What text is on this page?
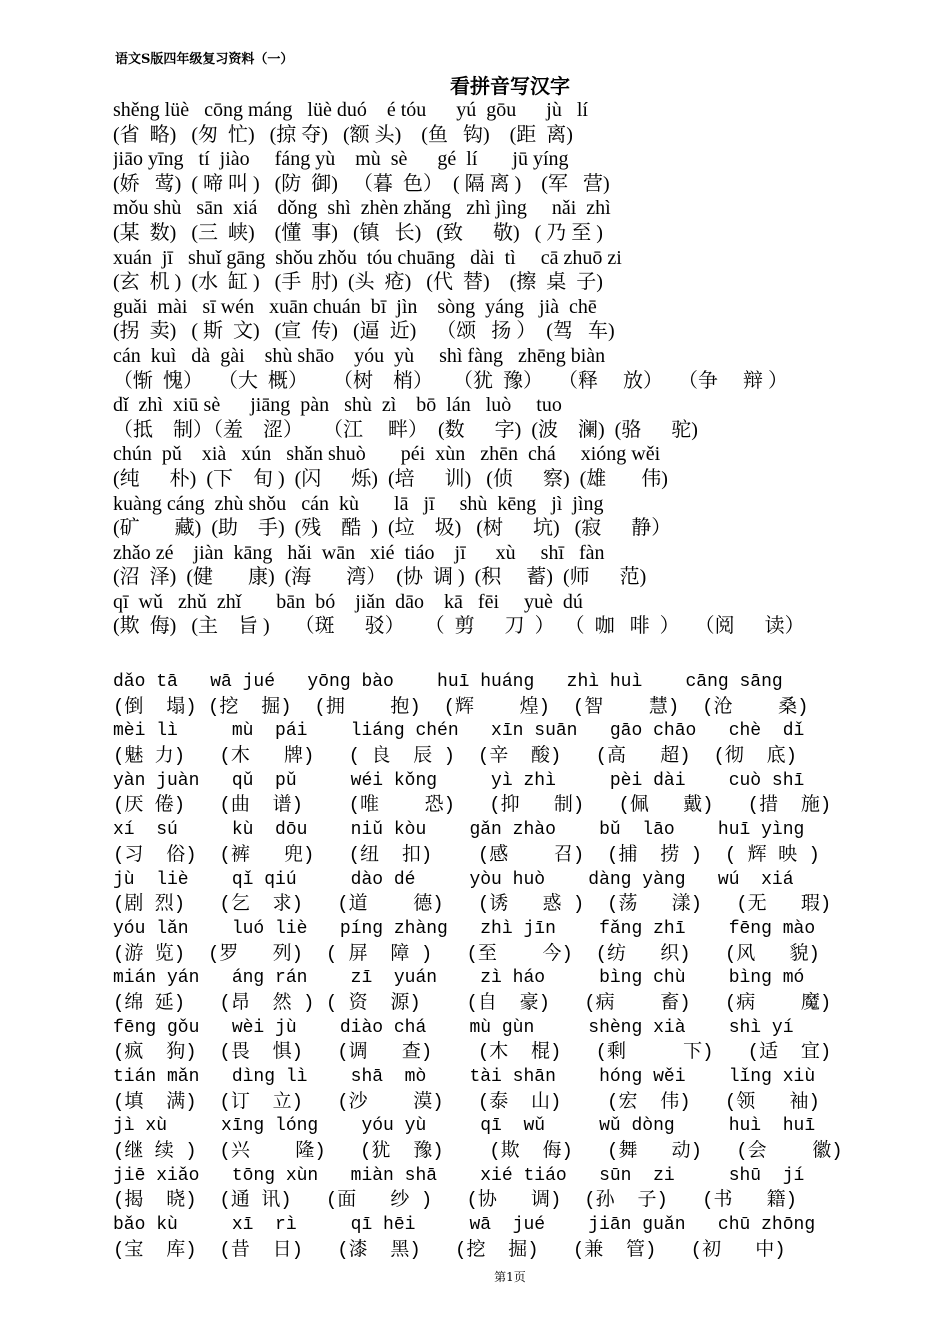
语文S版四年级复习资料（一）
看拼音写汉字
shěng lüè   cōng máng   lüè duó    é tóu      yú  gōu      jù   lí
(省  略)   (匆  忙)   (掠 夺)   (额 头)    (鱼   钩)    (距  离)
jiāo yīng   tí  jiào     fáng yù    mù  sè      gé  lí       jū yíng
(娇   莺)  ( 啼 叫 )   (防  御)   （暮  色）  ( 隔 离 )    (军   营)
mǒu shù   sān  xiá    dǒng  shì  zhèn zhǎng   zhì jìng     nǎi  zhì
(某  数)   (三  峡)    (懂  事)   (镇   长)   (致      敬)   ( 乃 至 )
xuán  jī   shuǐ gāng  shǒu zhǒu  tóu chuāng   dài  tì     cā zhuō zi
(玄  机 )  (水  缸 )   (手  肘)  (头  疮)   (代  替)    (擦  桌  子)
guǎi  mài   sī wén   xuān chuán  bī  jìn    sòng  yáng   jià  chē
(拐  卖)   ( 斯  文)   (宣  传)   (逼  近)    （颂   扬 ）  (驾   车)
cán  kuì   dà  gài    shù shāo    yóu  yù     shì fàng   zhēng biàn
（惭  愧）   （大  概）     （树    梢）    （犹  豫）   （释     放）   （争     辩 ）
dǐ  zhì  xiū sè      jiāng  pàn   shù  zì    bō  lán   luò     tuo
（抵    制）（羞    涩）    （江     畔）  (数      字)  (波    澜)  (骆      驼)
chún  pǔ    xià   xún   shǎn shuò       péi  xùn   zhēn  chá     xióng wěi
(纯      朴)  (下    旬 )  (闪      烁)  (培      训)   (侦      察)  (雄       伟)
kuàng cáng  zhù shǒu   cán  kù       lā   jī     shù  kēng   jì  jìng
(矿       藏)  (助    手)  (残    酷  )  (垃    圾)   (树      坑)   (寂      静）
zhǎo zé    jiàn  kāng   hǎi  wān   xié  tiáo    jī      xù     shī   fàn
(沼  泽)  (健       康)  (海       湾）  (协  调 )  (积     蓄)  (师      范)
qī  wǔ   zhǔ  zhǐ       bān  bó    jiǎn  dāo    kā   fēi     yuè  dú
(欺  侮)   (主    旨 )     （斑      驳）    （  剪      刀  ）  （  咖   啡  ）   （阅      读）
dǎo tā   wā jué   yōng bào    huī huáng   zhì huì    cāng sāng
(倒  塌) (挖  掘)  (拥    抱)  (辉    煌)  (智    慧)  (沧    桑)
mèi lì     mù  pái    liáng chén   xīn suān   gāo chāo   chè  dǐ
(魅 力)   (木   牌)   ( 良  辰 )  (辛  酸)   (高   超)  (彻  底)
yàn juàn   qǔ  pǔ     wéi kǒng     yì zhì     pèi dài    cuò shī
(厌 倦)   (曲  谱)    (唯    恐)   (抑   制)   (佩   戴)   (措  施)
xí  sú     kù  dōu    niǔ kòu    gǎn zhào    bǔ  lāo    huī yìng
(习  俗)  (裤   兜)   (纽  扣)    (感    召)  (捕  捞 )  ( 辉 映 )
jù  liè    qǐ qiú     dào dé     yòu huò    dàng yàng   wú  xiá
(剧 烈)   (乞  求)   (道    德)   (诱   惑 )  (荡   漾)   (无   瑕)
yóu lǎn    luó liè   píng zhàng   zhì jīn    fǎng zhī    fēng mào
(游 览)  (罗   列)  ( 屏  障 )   (至    今)  (纺   织)   (风   貌)
mián yán   áng rán    zī  yuán    zì háo     bìng chù    bìng mó
(绵 延)   (昂  然 ) ( 资  源)    (自  豪)   (病    畜)   (病    魔)
fēng gǒu   wèi jù    diào chá    mù gùn     shèng xià    shì yí
(疯  狗)  (畏  惧)   (调   查)    (木  棍)   (剩     下)   (适  宜)
tián mǎn   dìng lì    shā  mò    tài shān    hóng wěi    lǐng xiù
(填  满)  (订  立)   (沙    漠)   (泰  山)    (宏  伟)   (领   袖)
jì xù     xīng lóng    yóu yù     qī  wǔ     wǔ dòng     huì  huī
(继 续 )  (兴    隆)   (犹  豫)    (欺  侮)   (舞   动)   (会    徽)
jiē xiǎo   tōng xùn   miàn shā    xié tiáo   sūn  zi     shū  jí
(揭  晓)  (通 讯)   (面   纱 )   (协   调)  (孙  子)   (书   籍)
bǎo kù     xī  rì     qī hēi     wā  jué    jiān guǎn   chū zhōng
(宝  库)  (昔  日)   (漆  黑)   (挖  掘)   (兼  管)   (初   中)
第1页
